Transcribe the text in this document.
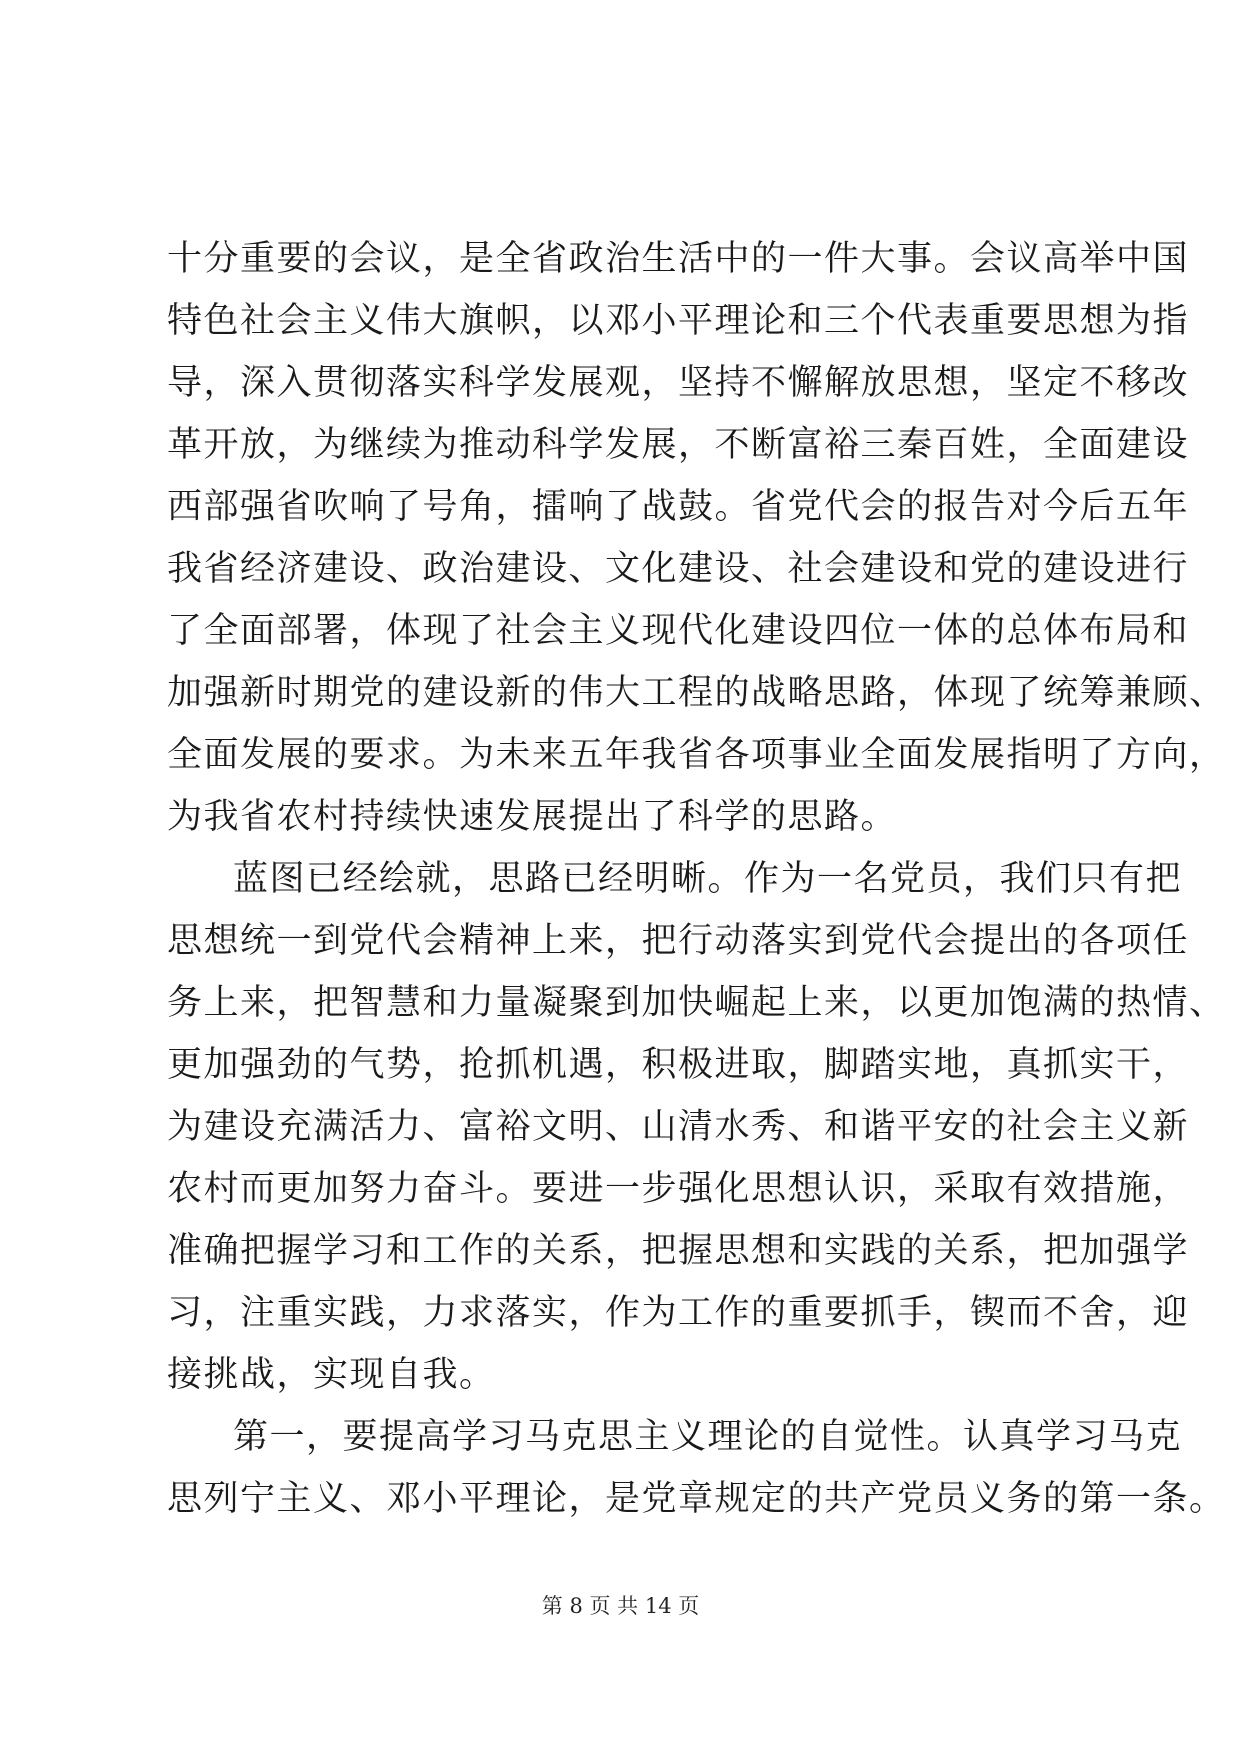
十分重要的会议，是全省政治生活中的一件大事。会议高举中国
特色社会主义伟大旗帜，以邓小平理论和三个代表重要思想为指
导，深入贯彻落实科学发展观，坚持不懈解放思想，坚定不移改
革开放，为继续为推动科学发展，不断富裕三秦百姓，全面建设
西部强省吹响了号角，擂响了战鼓。省党代会的报告对今后五年
我省经济建设、政治建设、文化建设、社会建设和党的建设进行
了全面部署，体现了社会主义现代化建设四位一体的总体布局和
加强新时期党的建设新的伟大工程的战略思路，体现了统筹兼顾、
全面发展的要求。为未来五年我省各项事业全面发展指明了方向，
为我省农村持续快速发展提出了科学的思路。
蓝图已经绘就，思路已经明晰。作为一名党员，我们只有把
思想统一到党代会精神上来，把行动落实到党代会提出的各项任
务上来，把智慧和力量凝聚到加快崛起上来，以更加饱满的热情、
更加强劲的气势，抢抓机遇，积极进取，脚踏实地，真抓实干，
为建设充满活力、富裕文明、山清水秀、和谐平安的社会主义新
农村而更加努力奋斗。要进一步强化思想认识，采取有效措施，
准确把握学习和工作的关系，把握思想和实践的关系，把加强学
习，注重实践，力求落实，作为工作的重要抓手，锲而不舍，迎
接挑战，实现自我。
第一，要提高学习马克思主义理论的自觉性。认真学习马克
思列宁主义、邓小平理论，是党章规定的共产党员义务的第一条。
第 8 页 共 14 页
